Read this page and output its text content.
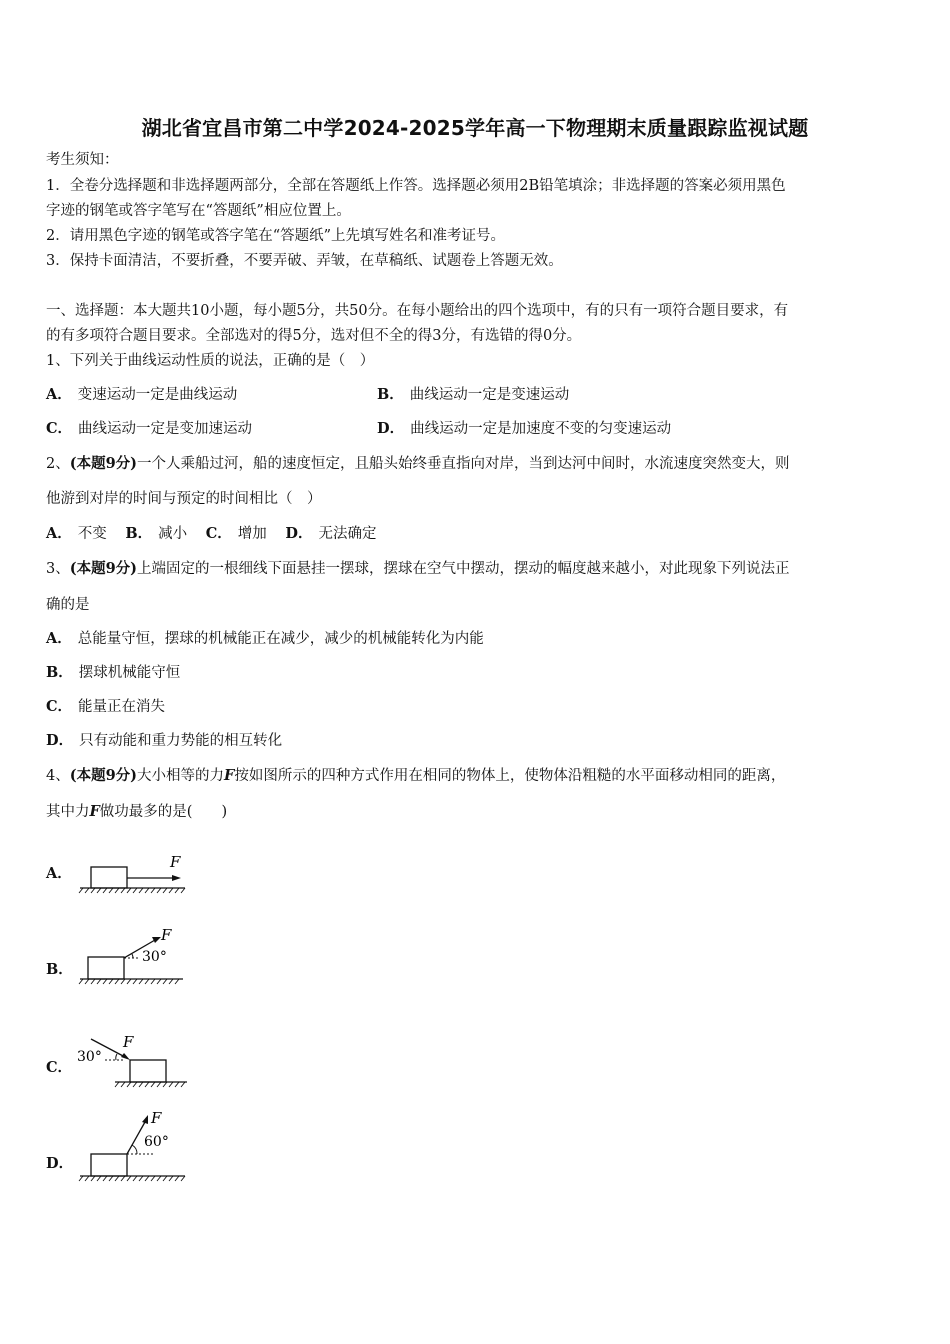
湖北省宜昌市第二中学2024-2025学年高一下物理期末质量跟踪监视试题
考生须知：
1．全卷分选择题和非选择题两部分，全部在答题纸上作答。选择题必须用2B铅笔填涂；非选择题的答案必须用黑色
字迹的钢笔或答字笔写在“答题纸”相应位置上。
2．请用黑色字迹的钢笔或答字笔在“答题纸”上先填写姓名和准考证号。
3．保持卡面清洁，不要折叠，不要弄破、弄皱，在草稿纸、试题卷上答题无效。
一、选择题：本大题共10小题，每小题5分，共50分。在每小题给出的四个选项中，有的只有一项符合题目要求，有
的有多项符合题目要求。全部选对的得5分，选对但不全的得3分，有选错的得0分。
1、下列关于曲线运动性质的说法，正确的是（　）
A． 变速运动一定是曲线运动	B． 曲线运动一定是变速运动
C． 曲线运动一定是变加速运动	D． 曲线运动一定是加速度不变的匀变速运动
2、(本题9分)一个人乘船过河，船的速度恒定，且船头始终垂直指向对岸，当到达河中间时，水流速度突然变大，则
他游到对岸的时间与预定的时间相比（　）
A． 不变 B． 减小 C． 增加 D． 无法确定
3、(本题9分)上端固定的一根细线下面悬挂一摆球，摆球在空气中摆动，摆动的幅度越来越小，对此现象下列说法正
确的是
A． 总能量守恒，摆球的机械能正在减少，减少的机械能转化为内能
B． 摆球机械能守恒
C． 能量正在消失
D． 只有动能和重力势能的相互转化
4、(本题9分)大小相等的力F按如图所示的四种方式作用在相同的物体上，使物体沿粗糙的水平面移动相同的距离，
其中力F做功最多的是(　　)
A．
F
B．
F
30°
C．
F
30°
D．
F
60°
